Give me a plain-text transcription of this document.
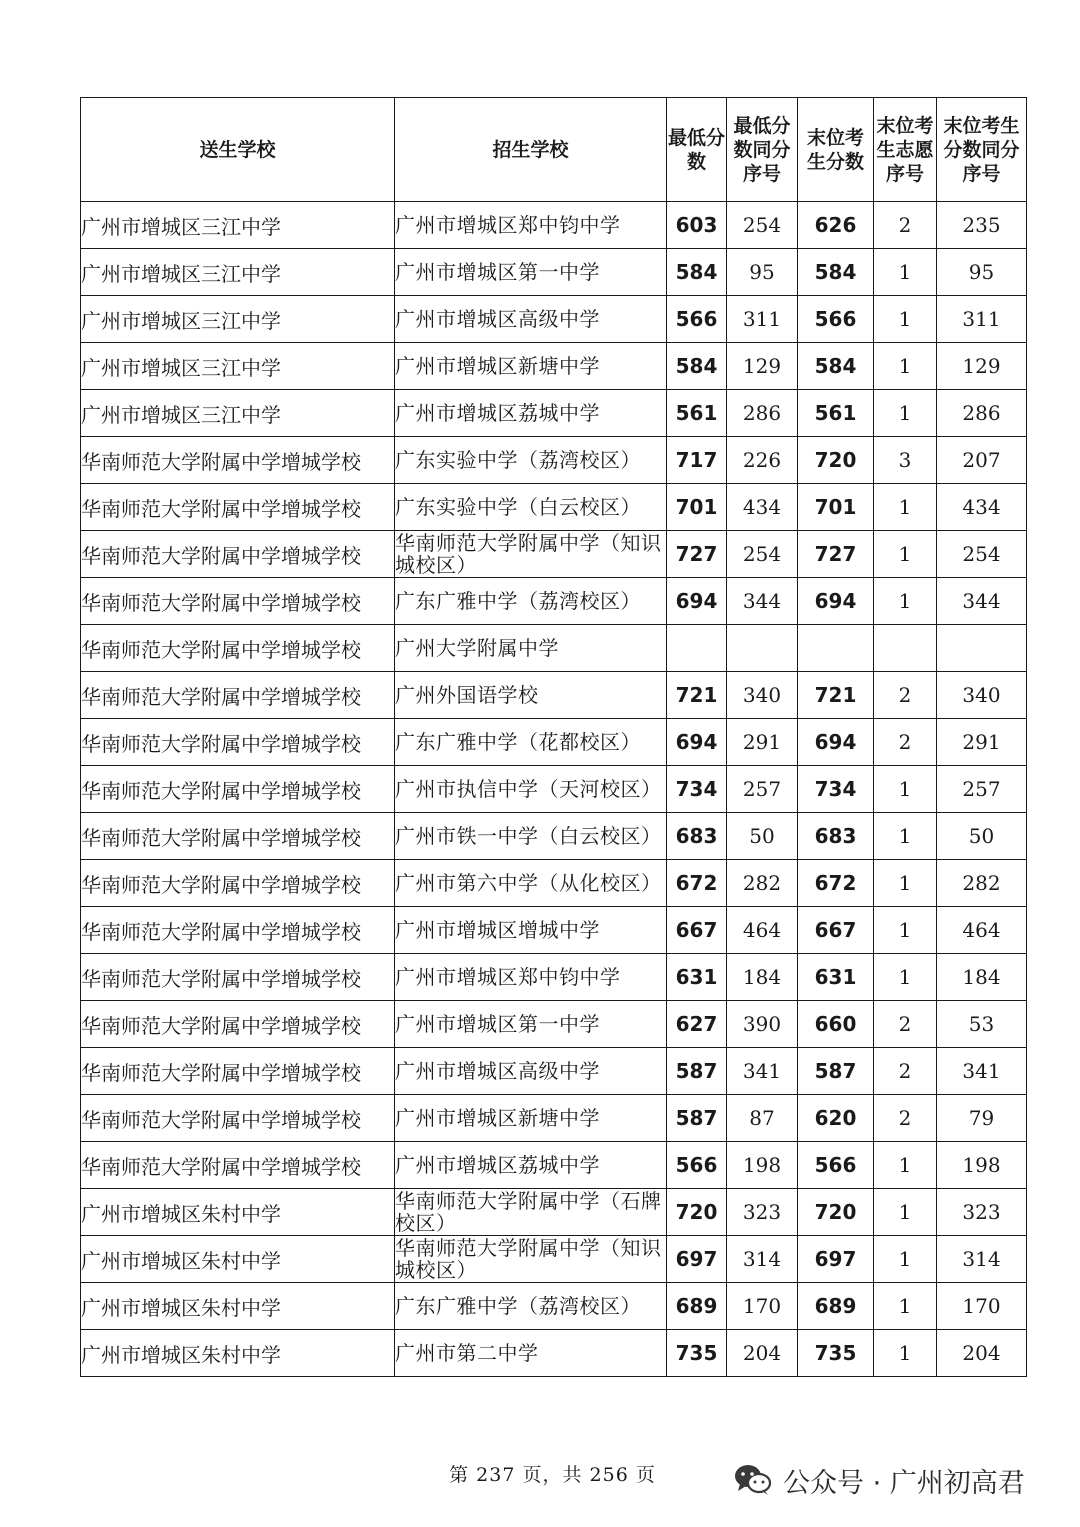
送生学校	招生学校	最低分数	最低分数同分序号	末位考生分数	末位考生志愿序号	末位考生分数同分序号
广州市增城区三江中学	广州市增城区郑中钧中学	603	254	626	2	235
广州市增城区三江中学	广州市增城区第一中学	584	95	584	1	95
广州市增城区三江中学	广州市增城区高级中学	566	311	566	1	311
广州市增城区三江中学	广州市增城区新塘中学	584	129	584	1	129
广州市增城区三江中学	广州市增城区荔城中学	561	286	561	1	286
华南师范大学附属中学增城学校	广东实验中学（荔湾校区）	717	226	720	3	207
华南师范大学附属中学增城学校	广东实验中学（白云校区）	701	434	701	1	434
华南师范大学附属中学增城学校	华南师范大学附属中学（知识城校区）	727	254	727	1	254
华南师范大学附属中学增城学校	广东广雅中学（荔湾校区）	694	344	694	1	344
华南师范大学附属中学增城学校	广州大学附属中学					
华南师范大学附属中学增城学校	广州外国语学校	721	340	721	2	340
华南师范大学附属中学增城学校	广东广雅中学（花都校区）	694	291	694	2	291
华南师范大学附属中学增城学校	广州市执信中学（天河校区）	734	257	734	1	257
华南师范大学附属中学增城学校	广州市铁一中学（白云校区）	683	50	683	1	50
华南师范大学附属中学增城学校	广州市第六中学（从化校区）	672	282	672	1	282
华南师范大学附属中学增城学校	广州市增城区增城中学	667	464	667	1	464
华南师范大学附属中学增城学校	广州市增城区郑中钧中学	631	184	631	1	184
华南师范大学附属中学增城学校	广州市增城区第一中学	627	390	660	2	53
华南师范大学附属中学增城学校	广州市增城区高级中学	587	341	587	2	341
华南师范大学附属中学增城学校	广州市增城区新塘中学	587	87	620	2	79
华南师范大学附属中学增城学校	广州市增城区荔城中学	566	198	566	1	198
广州市增城区朱村中学	华南师范大学附属中学（石牌校区）	720	323	720	1	323
广州市增城区朱村中学	华南师范大学附属中学（知识城校区）	697	314	697	1	314
广州市增城区朱村中学	广东广雅中学（荔湾校区）	689	170	689	1	170
广州市增城区朱村中学	广州市第二中学	735	204	735	1	204
第 237 页，共 256 页	公众号 · 广州初高君
